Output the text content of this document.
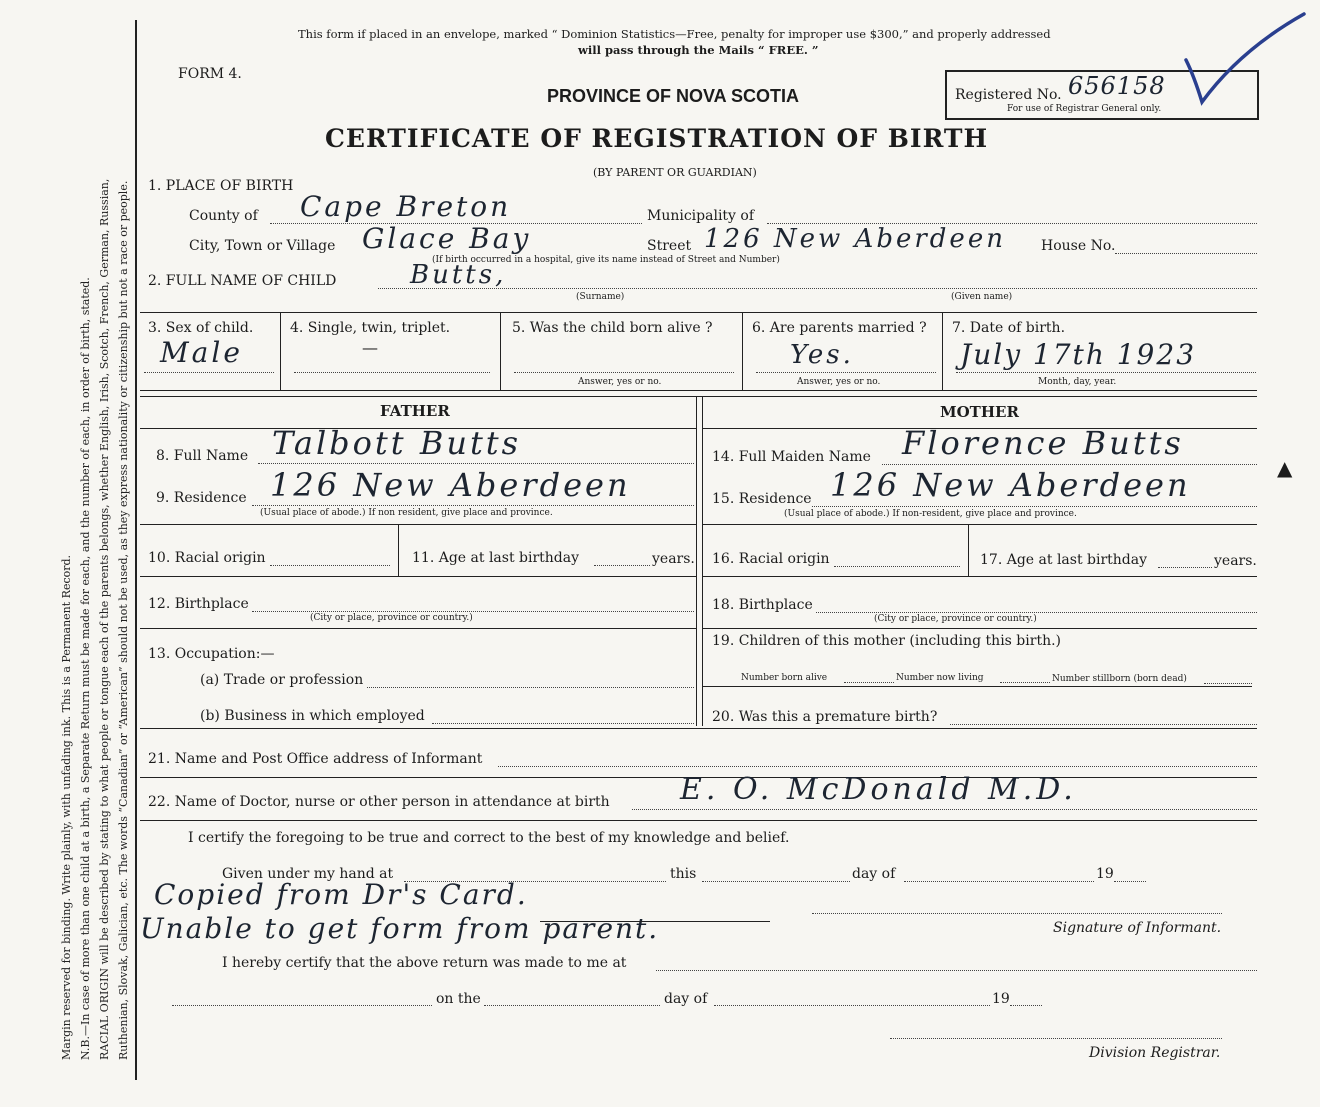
Margin reserved for binding. Write plainly, with unfading ink. This is a Permanent Record. N.B.—In case of more than one child at a birth, a Separate Return must be made for each, and the number of each, in order of birth, stated. RACIAL ORIGIN will be described by stating to what people or tongue each of the parents belongs, whether English, Irish, Scotch, French, German, Russian, Ruthenian, Slovak, Galician, etc. The words “Canadian” or “American” should not be used, as they express nationality or citizenship but not a race or people.
This form if placed in an envelope, marked “ Dominion Statistics—Free, penalty for improper use $300,” and properly addressed
will pass through the Mails “ FREE. ”
FORM 4.
PROVINCE OF NOVA SCOTIA
CERTIFICATE OF REGISTRATION OF BIRTH
(BY PARENT OR GUARDIAN)
Registered No. 656158
For use of Registrar General only.
1. PLACE OF BIRTH
County of Cape Breton	Municipality of
City, Town or Village Glace Bay	Street 126 New Aberdeen	House No.
(If birth occurred in a hospital, give its name instead of Street and Number)
2. FULL NAME OF CHILD	Butts,
(Surname)	(Given name)
3. Sex of child.
Male
4. Single, twin, triplet.
—
5. Was the child born alive ?
Answer, yes or no.
6. Are parents married ?
Yes.
Answer, yes or no.
7. Date of birth.
July 17th 1923
Month, day, year.
FATHER
8. Full Name Talbott Butts
9. Residence 126 New Aberdeen
(Usual place of abode.) If non resident, give place and province.
10. Racial origin	11. Age at last birthday	years.
12. Birthplace
(City or place, province or country.)
13. Occupation:—
(a) Trade or profession
(b) Business in which employed
MOTHER
14. Full Maiden Name Florence Butts
15. Residence 126 New Aberdeen
(Usual place of abode.) If non-resident, give place and province.
▲
16. Racial origin	17. Age at last birthday	years.
18. Birthplace
(City or place, province or country.)
19. Children of this mother (including this birth.)
Number born alive	Number now living	Number stillborn (born dead)
20. Was this a premature birth?
21. Name and Post Office address of Informant
22. Name of Doctor, nurse or other person in attendance at birth E. O. McDonald M.D.
I certify the foregoing to be true and correct to the best of my knowledge and belief.
Given under my hand at	this	day of	19
Copied from Dr's Card.
Unable to get form from parent.	Signature of Informant.
I hereby certify that the above return was made to me at
on the	day of	19
Division Registrar.
